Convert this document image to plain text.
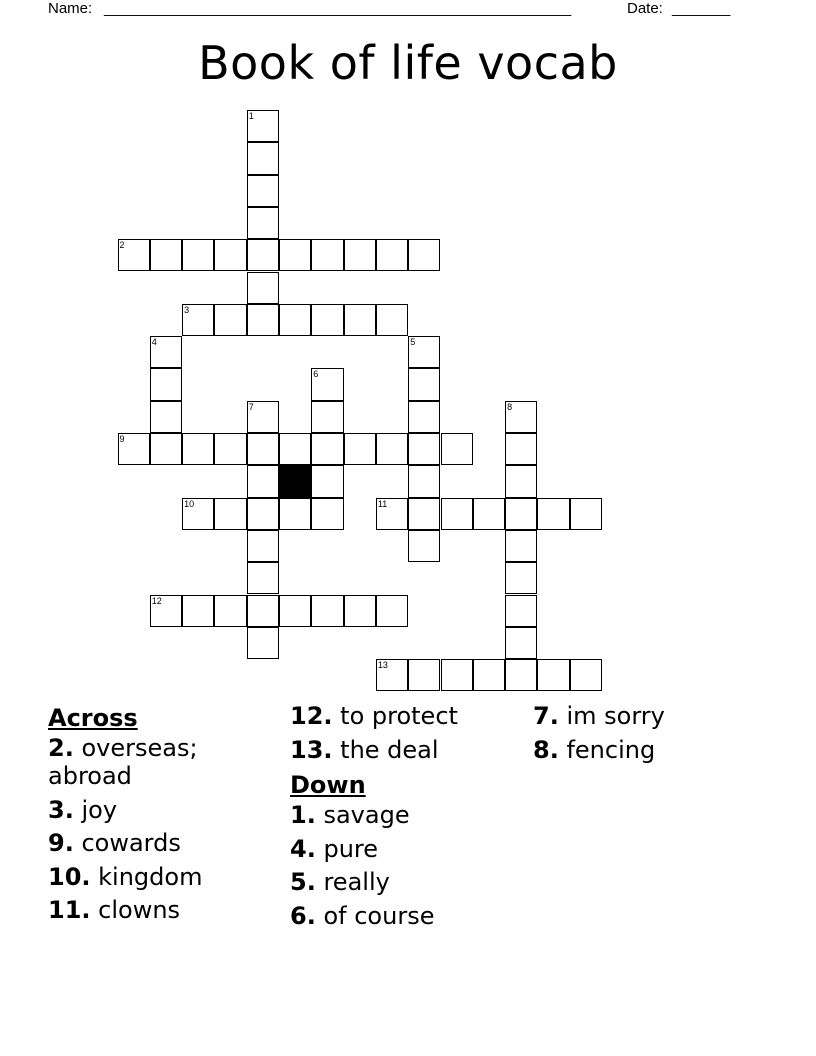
Name: ________________________________________________________	Date: _______
Book of life vocab
1
2
3
4	5
6
7	8
9
10	11
12
13
Across
2. overseas; abroad
3. joy
9. cowards
10. kingdom
11. clowns
12. to protect
13. the deal
Down
1. savage
4. pure
5. really
6. of course
7. im sorry
8. fencing
